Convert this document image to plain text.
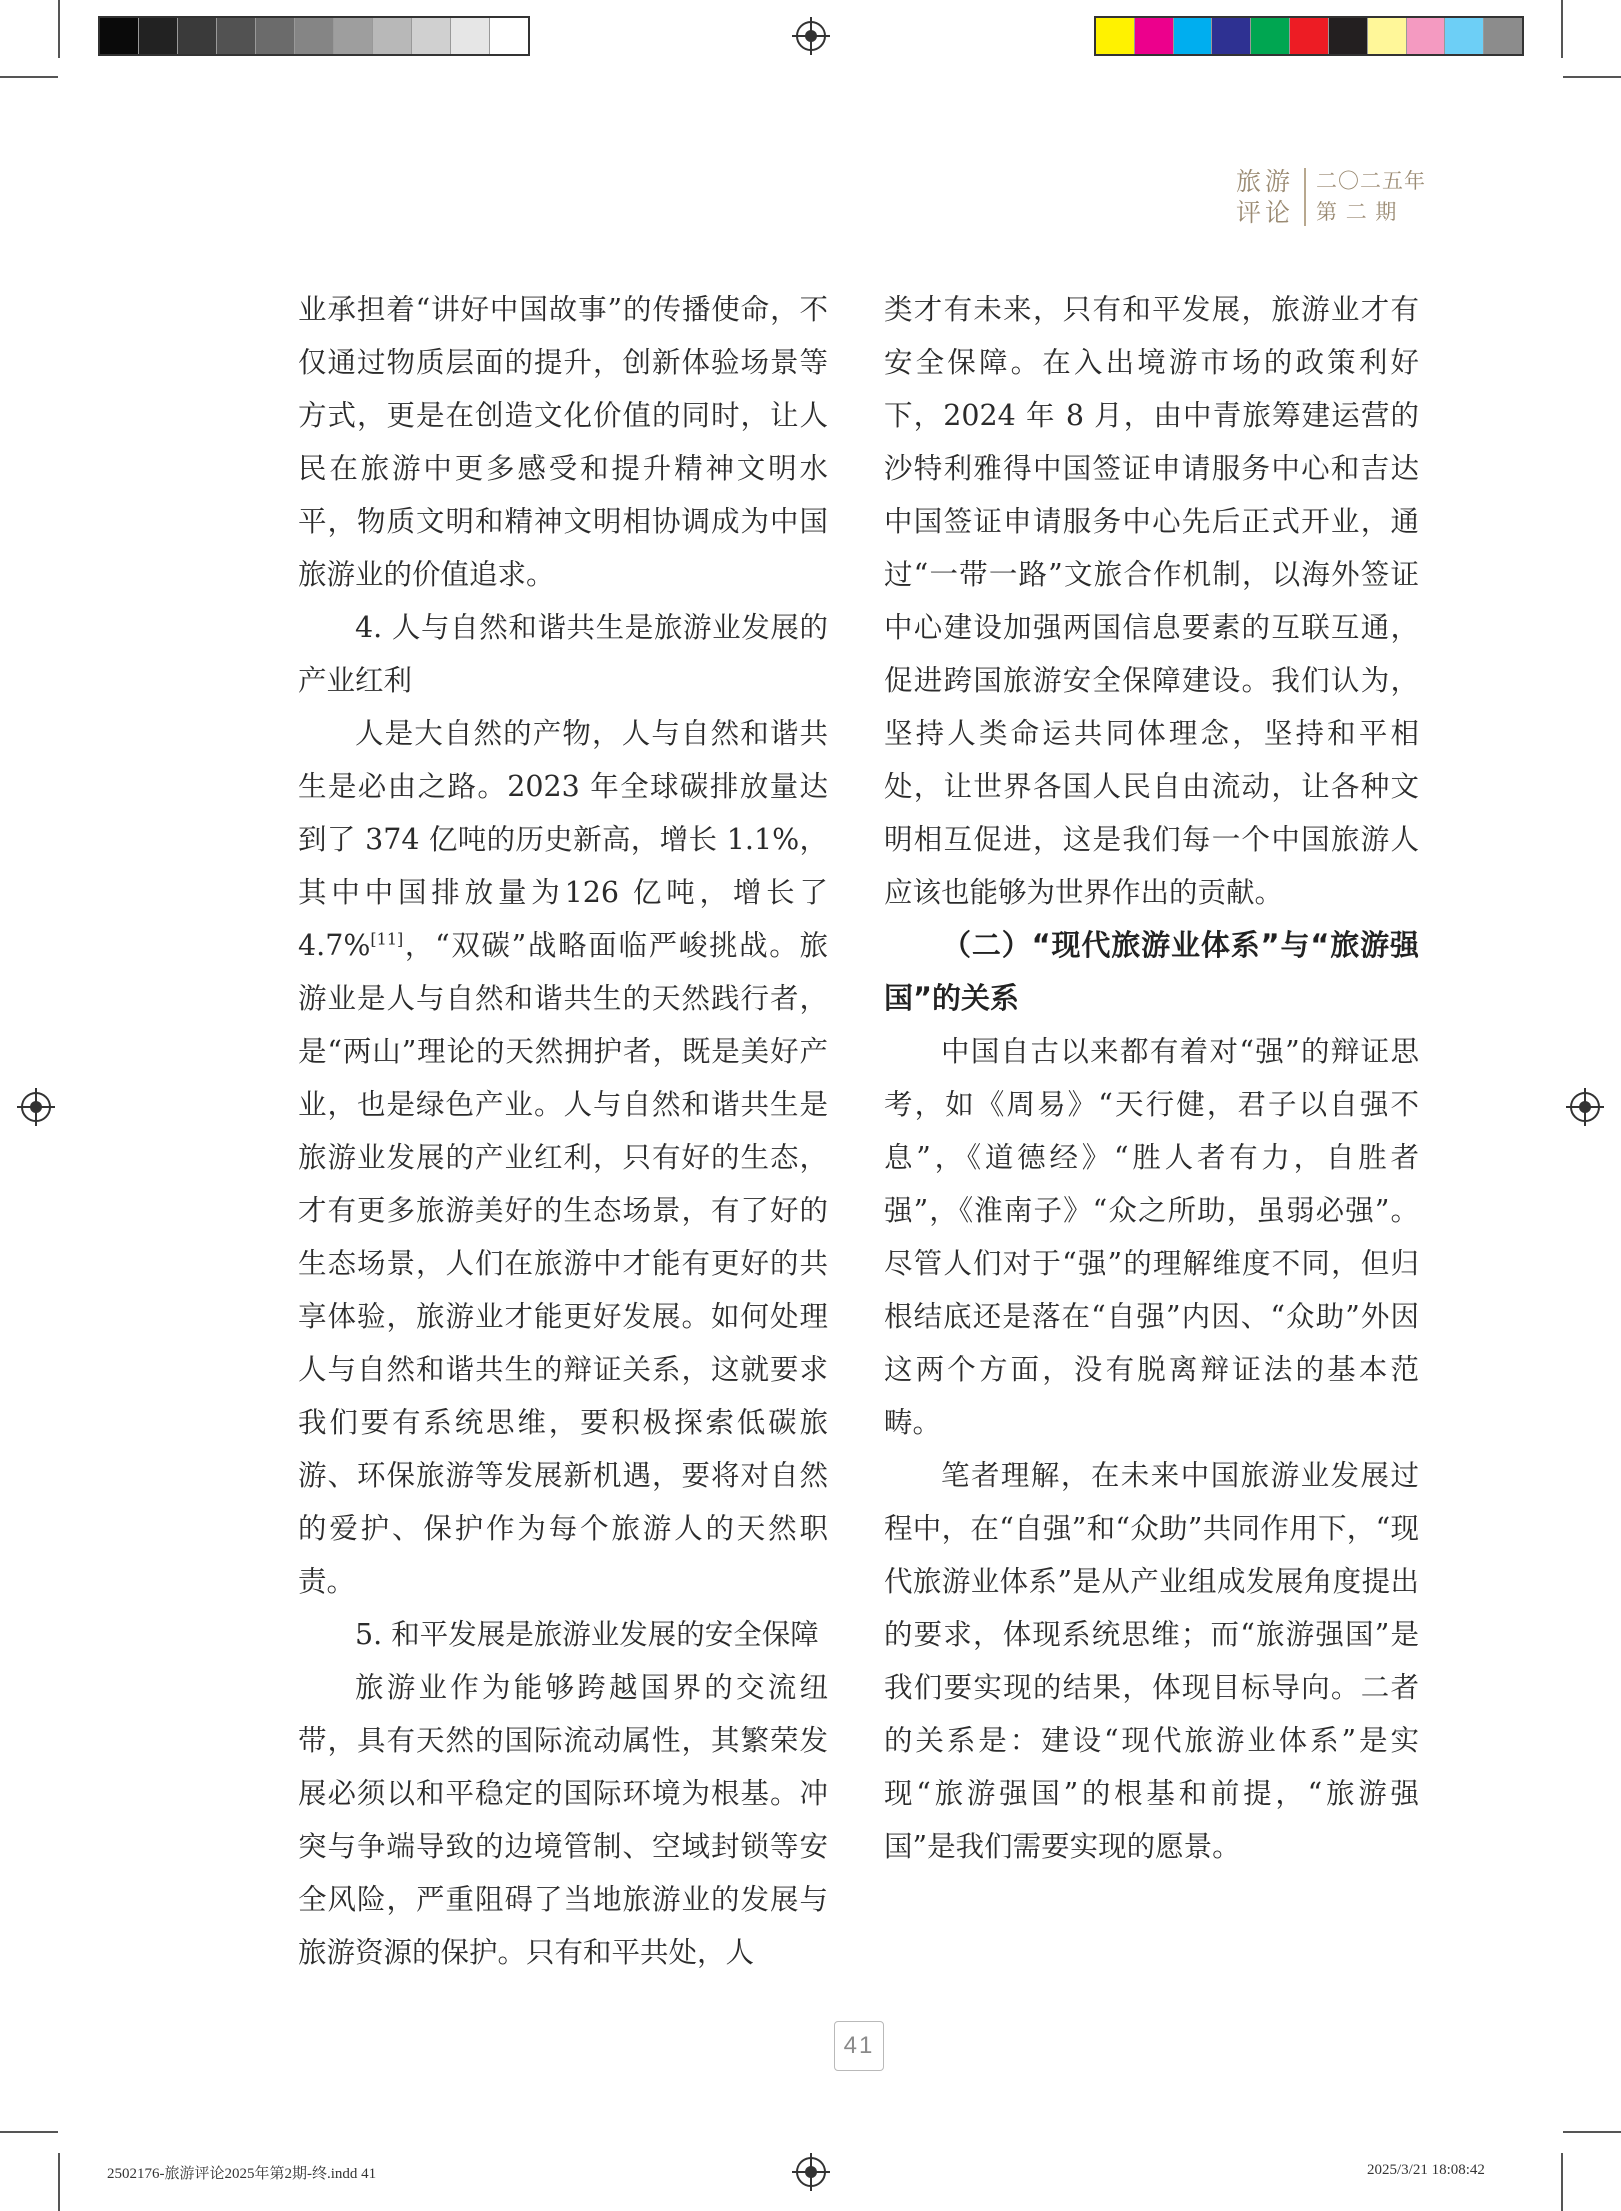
旅游
评论
二〇二五年
第 二 期

业承担着“讲好中国故事”的传播使命，不仅通过物质层面的提升，创新体验场景等方式，更是在创造文化价值的同时，让人民在旅游中更多感受和提升精神文明水平，物质文明和精神文明相协调成为中国旅游业的价值追求。

4. 人与自然和谐共生是旅游业发展的产业红利

人是大自然的产物，人与自然和谐共生是必由之路。2023 年全球碳排放量达到了 374 亿吨的历史新高，增长 1.1%，其中中国排放量为126 亿吨，增长了4.7%[11]，“双碳”战略面临严峻挑战。旅游业是人与自然和谐共生的天然践行者，是“两山”理论的天然拥护者，既是美好产业，也是绿色产业。人与自然和谐共生是旅游业发展的产业红利，只有好的生态，才有更多旅游美好的生态场景，有了好的生态场景，人们在旅游中才能有更好的共享体验，旅游业才能更好发展。如何处理人与自然和谐共生的辩证关系，这就要求我们要有系统思维，要积极探索低碳旅游、环保旅游等发展新机遇，要将对自然的爱护、保护作为每个旅游人的天然职责。

5. 和平发展是旅游业发展的安全保障

旅游业作为能够跨越国界的交流纽带，具有天然的国际流动属性，其繁荣发展必须以和平稳定的国际环境为根基。冲突与争端导致的边境管制、空域封锁等安全风险，严重阻碍了当地旅游业的发展与旅游资源的保护。只有和平共处，人

类才有未来，只有和平发展，旅游业才有安全保障。在入出境游市场的政策利好下，2024 年 8 月，由中青旅筹建运营的沙特利雅得中国签证申请服务中心和吉达中国签证申请服务中心先后正式开业，通过“一带一路”文旅合作机制，以海外签证中心建设加强两国信息要素的互联互通，促进跨国旅游安全保障建设。我们认为，坚持人类命运共同体理念，坚持和平相处，让世界各国人民自由流动，让各种文明相互促进，这是我们每一个中国旅游人应该也能够为世界作出的贡献。

（二）“现代旅游业体系”与“旅游强国”的关系

中国自古以来都有着对“强”的辩证思考，如《周易》“天行健，君子以自强不息”，《道德经》“胜人者有力，自胜者强”，《淮南子》“众之所助，虽弱必强”。尽管人们对于“强”的理解维度不同，但归根结底还是落在“自强”内因、“众助”外因这两个方面，没有脱离辩证法的基本范畴。

笔者理解，在未来中国旅游业发展过程中，在“自强”和“众助”共同作用下，“现代旅游业体系”是从产业组成发展角度提出的要求，体现系统思维；而“旅游强国”是我们要实现的结果，体现目标导向。二者的关系是：建设“现代旅游业体系”是实现“旅游强国”的根基和前提，“旅游强国”是我们需要实现的愿景。

41
2502176-旅游评论2025年第2期-终.indd 41	2025/3/21 18:08:42
